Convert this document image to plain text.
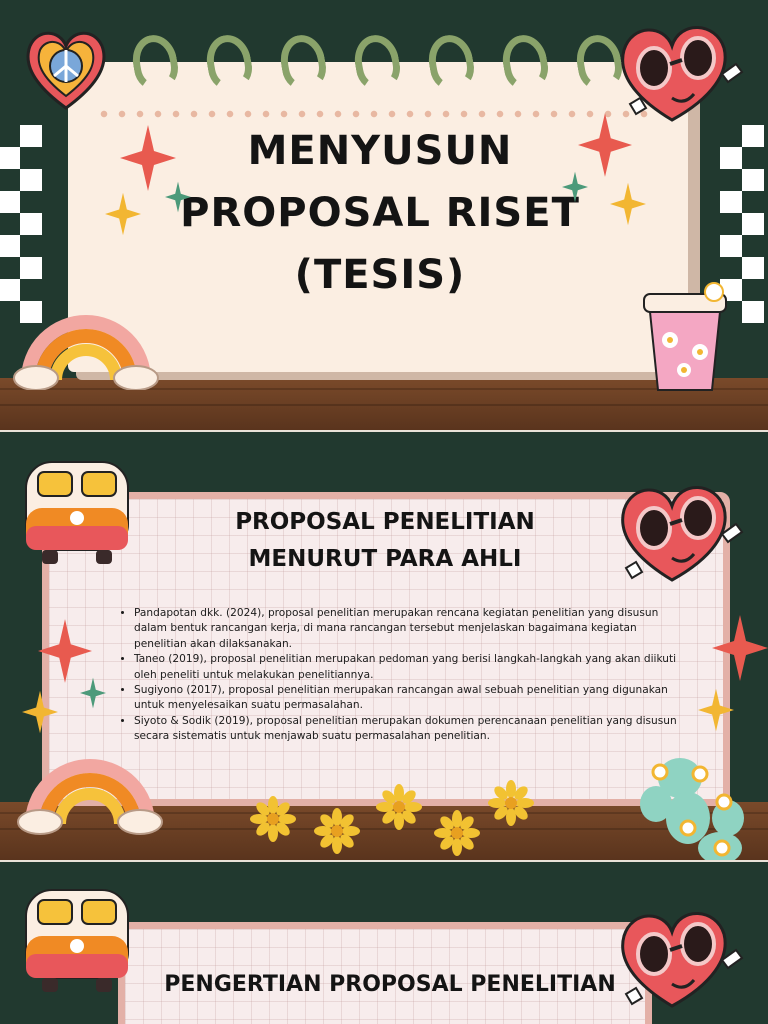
MENYUSUN
PROPOSAL RISET
(TESIS)
PROPOSAL PENELITIAN
MENURUT PARA AHLI
• Pandapotan dkk. (2024), proposal penelitian merupakan rencana kegiatan penelitian yang disusun dalam bentuk rancangan kerja, di mana rancangan tersebut menjelaskan bagaimana kegiatan penelitian akan dilaksanakan.
• Taneo (2019), proposal penelitian merupakan pedoman yang berisi langkah-langkah yang akan diikuti oleh peneliti untuk melakukan penelitiannya.
• Sugiyono (2017), proposal penelitian merupakan rancangan awal sebuah penelitian yang digunakan untuk menyelesaikan suatu permasalahan.
• Siyoto & Sodik (2019), proposal penelitian merupakan dokumen perencanaan penelitian yang disusun secara sistematis untuk menjawab suatu permasalahan penelitian.
PENGERTIAN PROPOSAL PENELITIAN
